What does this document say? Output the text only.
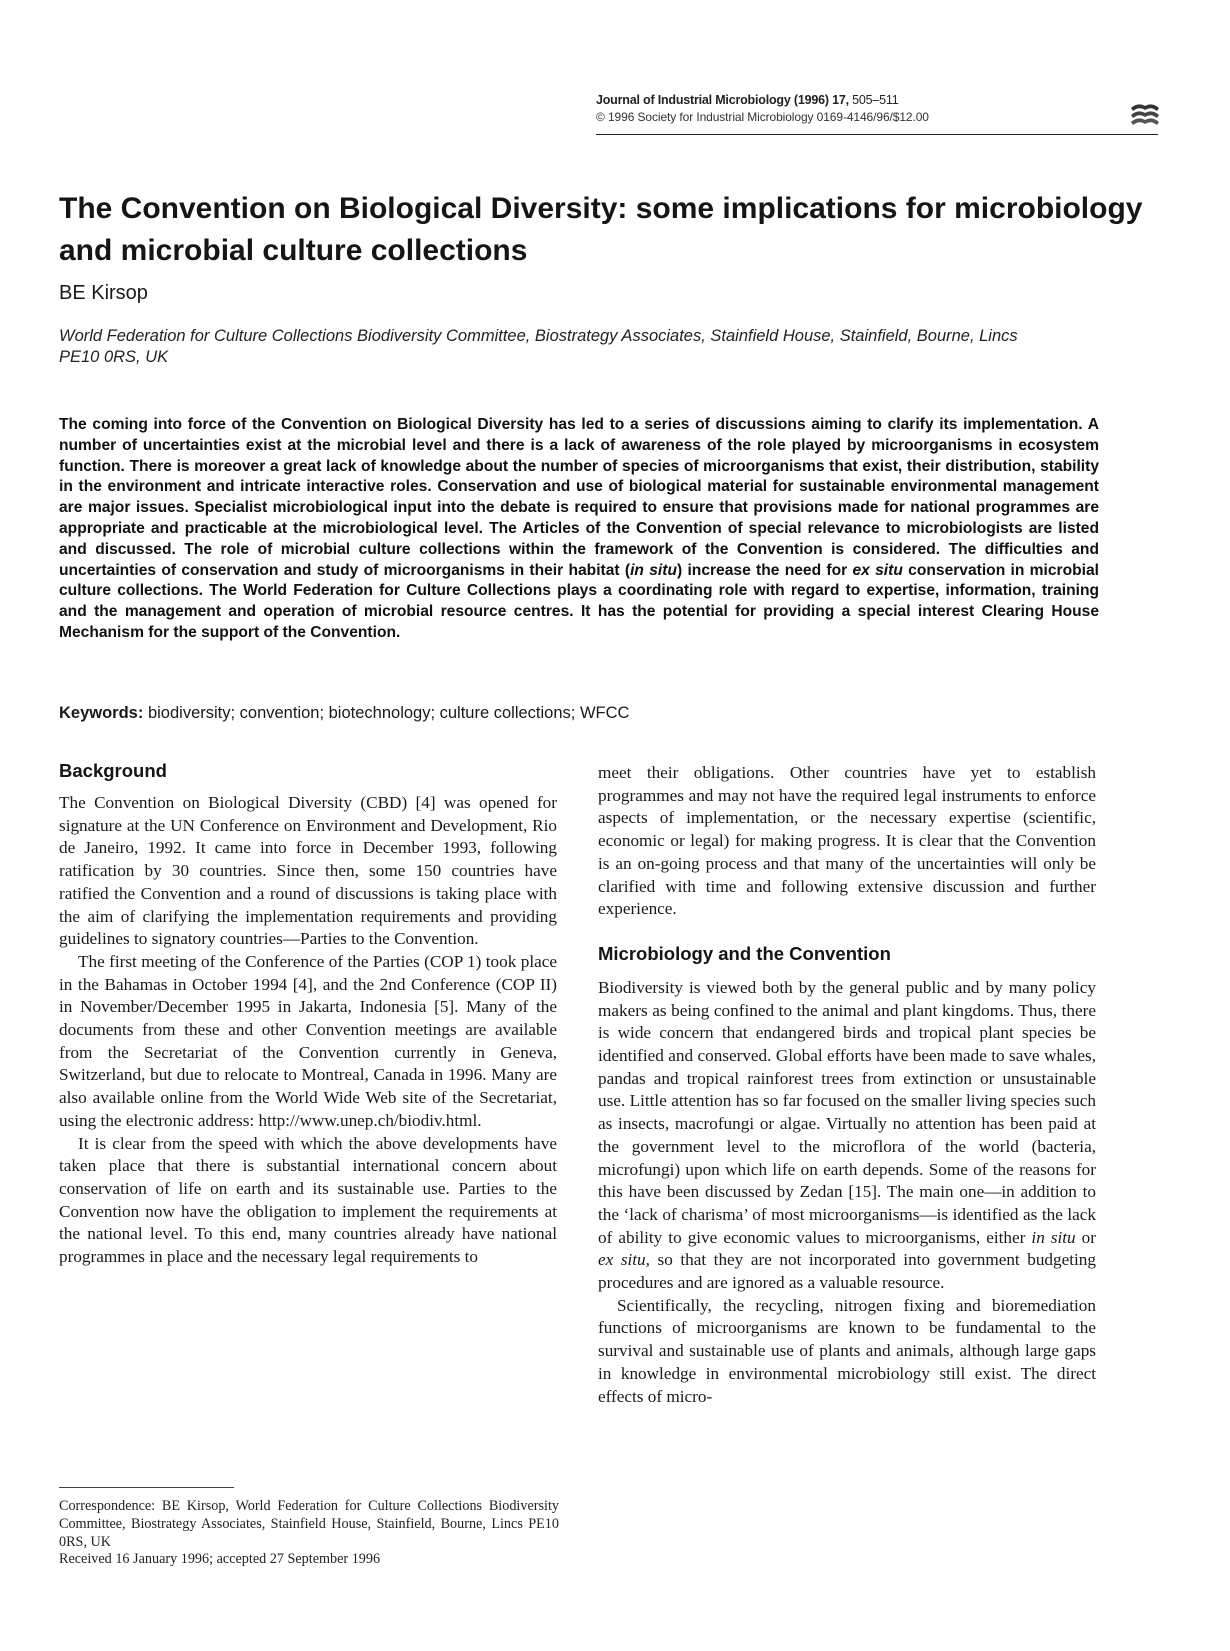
Journal of Industrial Microbiology (1996) 17, 505–511
© 1996 Society for Industrial Microbiology 0169-4146/96/$12.00
The Convention on Biological Diversity: some implications for microbiology and microbial culture collections
BE Kirsop
World Federation for Culture Collections Biodiversity Committee, Biostrategy Associates, Stainfield House, Stainfield, Bourne, Lincs PE10 0RS, UK

The coming into force of the Convention on Biological Diversity has led to a series of discussions aiming to clarify its implementation. A number of uncertainties exist at the microbial level and there is a lack of awareness of the role played by microorganisms in ecosystem function. There is moreover a great lack of knowledge about the number of species of microorganisms that exist, their distribution, stability in the environment and intricate interactive roles. Conservation and use of biological material for sustainable environmental management are major issues. Specialist microbiological input into the debate is required to ensure that provisions made for national programmes are appropriate and practicable at the microbiological level. The Articles of the Convention of special relevance to microbiologists are listed and discussed. The role of microbial culture collections within the framework of the Convention is considered. The difficulties and uncertainties of conservation and study of microorganisms in their habitat (in situ) increase the need for ex situ conservation in microbial culture collections. The World Federation for Culture Collections plays a coordinating role with regard to expertise, information, training and the management and operation of microbial resource centres. It has the potential for providing a special interest Clearing House Mechanism for the support of the Convention.

Keywords: biodiversity; convention; biotechnology; culture collections; WFCC
Background

The Convention on Biological Diversity (CBD) [4] was opened for signature at the UN Conference on Environment and Development, Rio de Janeiro, 1992. It came into force in December 1993, following ratification by 30 countries. Since then, some 150 countries have ratified the Convention and a round of discussions is taking place with the aim of clarifying the implementation requirements and providing guidelines to signatory countries—Parties to the Convention.

The first meeting of the Conference of the Parties (COP 1) took place in the Bahamas in October 1994 [4], and the 2nd Conference (COP II) in November/December 1995 in Jakarta, Indonesia [5]. Many of the documents from these and other Convention meetings are available from the Secretariat of the Convention currently in Geneva, Switzerland, but due to relocate to Montreal, Canada in 1996. Many are also available online from the World Wide Web site of the Secretariat, using the electronic address: http://www.unep.ch/biodiv.html.

It is clear from the speed with which the above developments have taken place that there is substantial international concern about conservation of life on earth and its sustainable use. Parties to the Convention now have the obligation to implement the requirements at the national level. To this end, many countries already have national programmes in place and the necessary legal requirements to

meet their obligations. Other countries have yet to establish programmes and may not have the required legal instruments to enforce aspects of implementation, or the necessary expertise (scientific, economic or legal) for making progress. It is clear that the Convention is an on-going process and that many of the uncertainties will only be clarified with time and following extensive discussion and further experience.

Microbiology and the Convention

Biodiversity is viewed both by the general public and by many policy makers as being confined to the animal and plant kingdoms. Thus, there is wide concern that endangered birds and tropical plant species be identified and conserved. Global efforts have been made to save whales, pandas and tropical rainforest trees from extinction or unsustainable use. Little attention has so far focused on the smaller living species such as insects, macrofungi or algae. Virtually no attention has been paid at the government level to the microflora of the world (bacteria, microfungi) upon which life on earth depends. Some of the reasons for this have been discussed by Zedan [15]. The main one—in addition to the ‘lack of charisma’ of most microorganisms—is identified as the lack of ability to give economic values to microorganisms, either in situ or ex situ, so that they are not incorporated into government budgeting procedures and are ignored as a valuable resource.

Scientifically, the recycling, nitrogen fixing and bioremediation functions of microorganisms are known to be fundamental to the survival and sustainable use of plants and animals, although large gaps in knowledge in environmental microbiology still exist. The direct effects of micro-

Correspondence: BE Kirsop, World Federation for Culture Collections Biodiversity Committee, Biostrategy Associates, Stainfield House, Stainfield, Bourne, Lincs PE10 0RS, UK
Received 16 January 1996; accepted 27 September 1996
